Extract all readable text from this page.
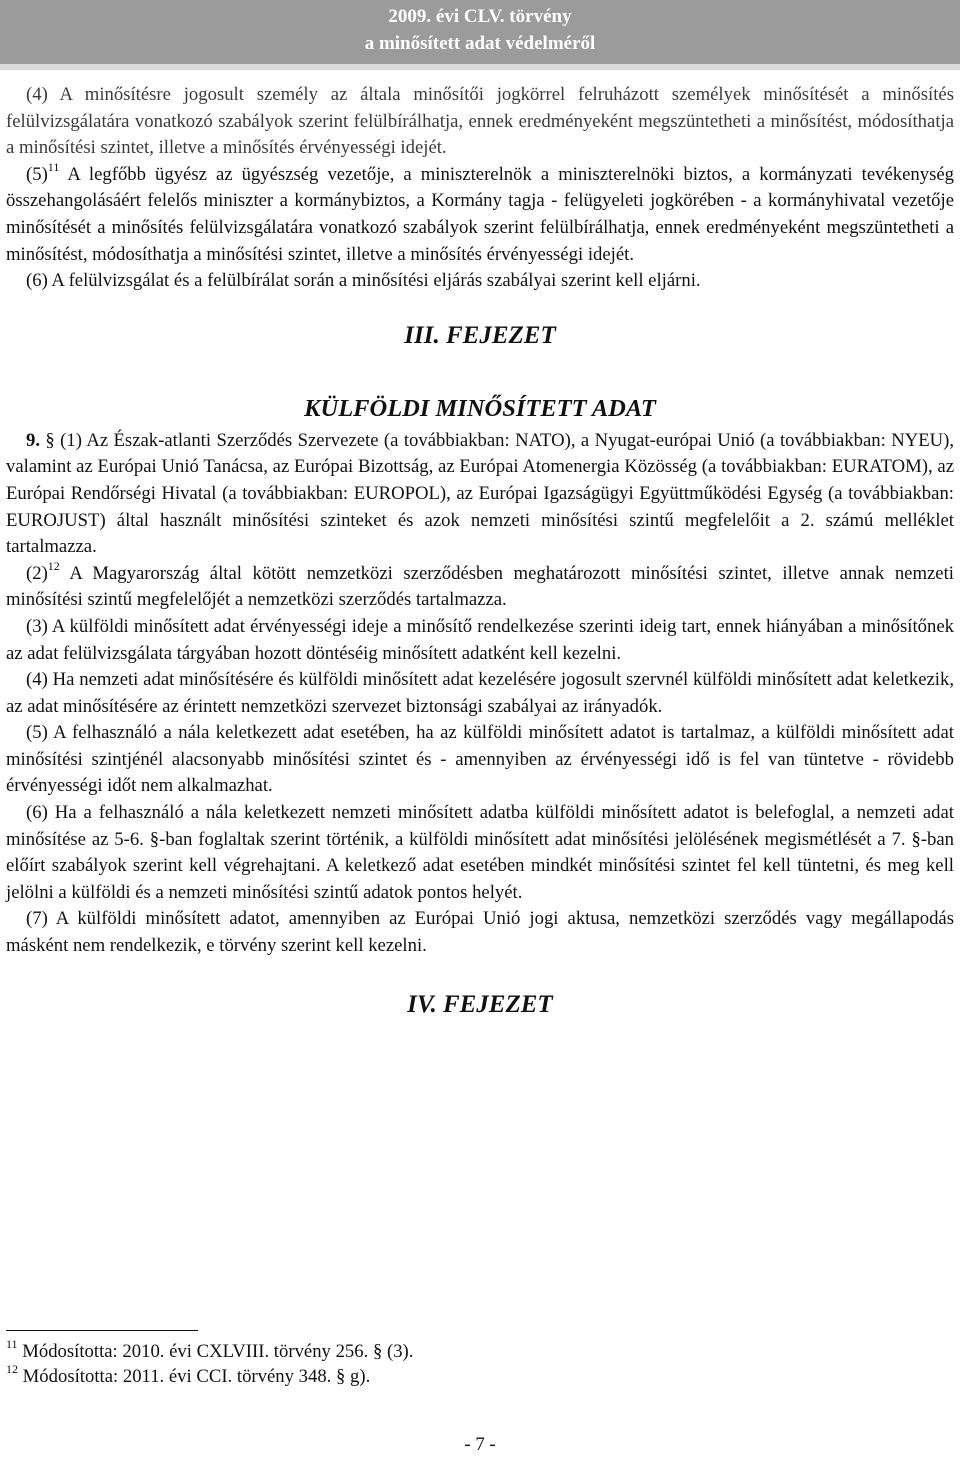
2009. évi CLV. törvény
a minősített adat védelméről

(4) A minősítésre jogosult személy az általa minősítői jogkörrel felruházott személyek minősítését a minősítés felülvizsgálatára vonatkozó szabályok szerint felülbírálhatja, ennek eredményeként megszüntetheti a minősítést, módosíthatja a minősítési szintet, illetve a minősítés érvényességi idejét.

$(5)^{11}$ A legfőbb ügyész az ügyészség vezetője, a miniszterelnök a miniszterelnöki biztos, a kormányzati tevékenység összehangolásáért felelős miniszter a kormánybiztos, a Kormány tagja - felügyeleti jogkörében - a kormányhivatal vezetője minősítését a minősítés felülvizsgálatára vonatkozó szabályok szerint felülbírálhatja, ennek eredményeként megszüntetheti a minősítést, módosíthatja a minősítési szintet, illetve a minősítés érvényességi idejét.

(6) A felülvizsgálat és a felülbírálat során a minősítési eljárás szabályai szerint kell eljárni.

III. FEJEZET

KÜLFÖLDI MINŐSÍTETT ADAT

9. § (1) Az Észak-atlanti Szerződés Szervezete (a továbbiakban: NATO), a Nyugat-európai Unió (a továbbiakban: NYEU), valamint az Európai Unió Tanácsa, az Európai Bizottság, az Európai Atomenergia Közösség (a továbbiakban: EURATOM), az Európai Rendőrségi Hivatal (a továbbiakban: EUROPOL), az Európai Igazságügyi Együttműködési Egység (a továbbiakban: EUROJUST) által használt minősítési szinteket és azok nemzeti minősítési szintű megfelelőit a 2. számú melléklet tartalmazza.

$(2)^{12}$ A Magyarország által kötött nemzetközi szerződésben meghatározott minősítési szintet, illetve annak nemzeti minősítési szintű megfelelőjét a nemzetközi szerződés tartalmazza.

(3) A külföldi minősített adat érvényességi ideje a minősítő rendelkezése szerinti ideig tart, ennek hiányában a minősítőnek az adat felülvizsgálata tárgyában hozott döntéséig minősített adatként kell kezelni.

(4) Ha nemzeti adat minősítésére és külföldi minősített adat kezelésére jogosult szervnél külföldi minősített adat keletkezik, az adat minősítésére az érintett nemzetközi szervezet biztonsági szabályai az irányadók.

(5) A felhasználó a nála keletkezett adat esetében, ha az külföldi minősített adatot is tartalmaz, a külföldi minősített adat minősítési szintjénél alacsonyabb minősítési szintet és - amennyiben az érvényességi idő is fel van tüntetve - rövidebb érvényességi időt nem alkalmazhat.

(6) Ha a felhasználó a nála keletkezett nemzeti minősített adatba külföldi minősített adatot is belefoglal, a nemzeti adat minősítése az 5-6. §-ban foglaltak szerint történik, a külföldi minősített adat minősítési jelölésének megismétlését a 7. §-ban előírt szabályok szerint kell végrehajtani. A keletkező adat esetében mindkét minősítési szintet fel kell tüntetni, és meg kell jelölni a külföldi és a nemzeti minősítési szintű adatok pontos helyét.

(7) A külföldi minősített adatot, amennyiben az Európai Unió jogi aktusa, nemzetközi szerződés vagy megállapodás másként nem rendelkezik, e törvény szerint kell kezelni.

IV. FEJEZET

$^{11}$ Módosította: 2010. évi CXLVIII. törvény 256. § (3).

$^{12}$ Módosította: 2011. évi CCI. törvény 348. § g).

- 7 -
